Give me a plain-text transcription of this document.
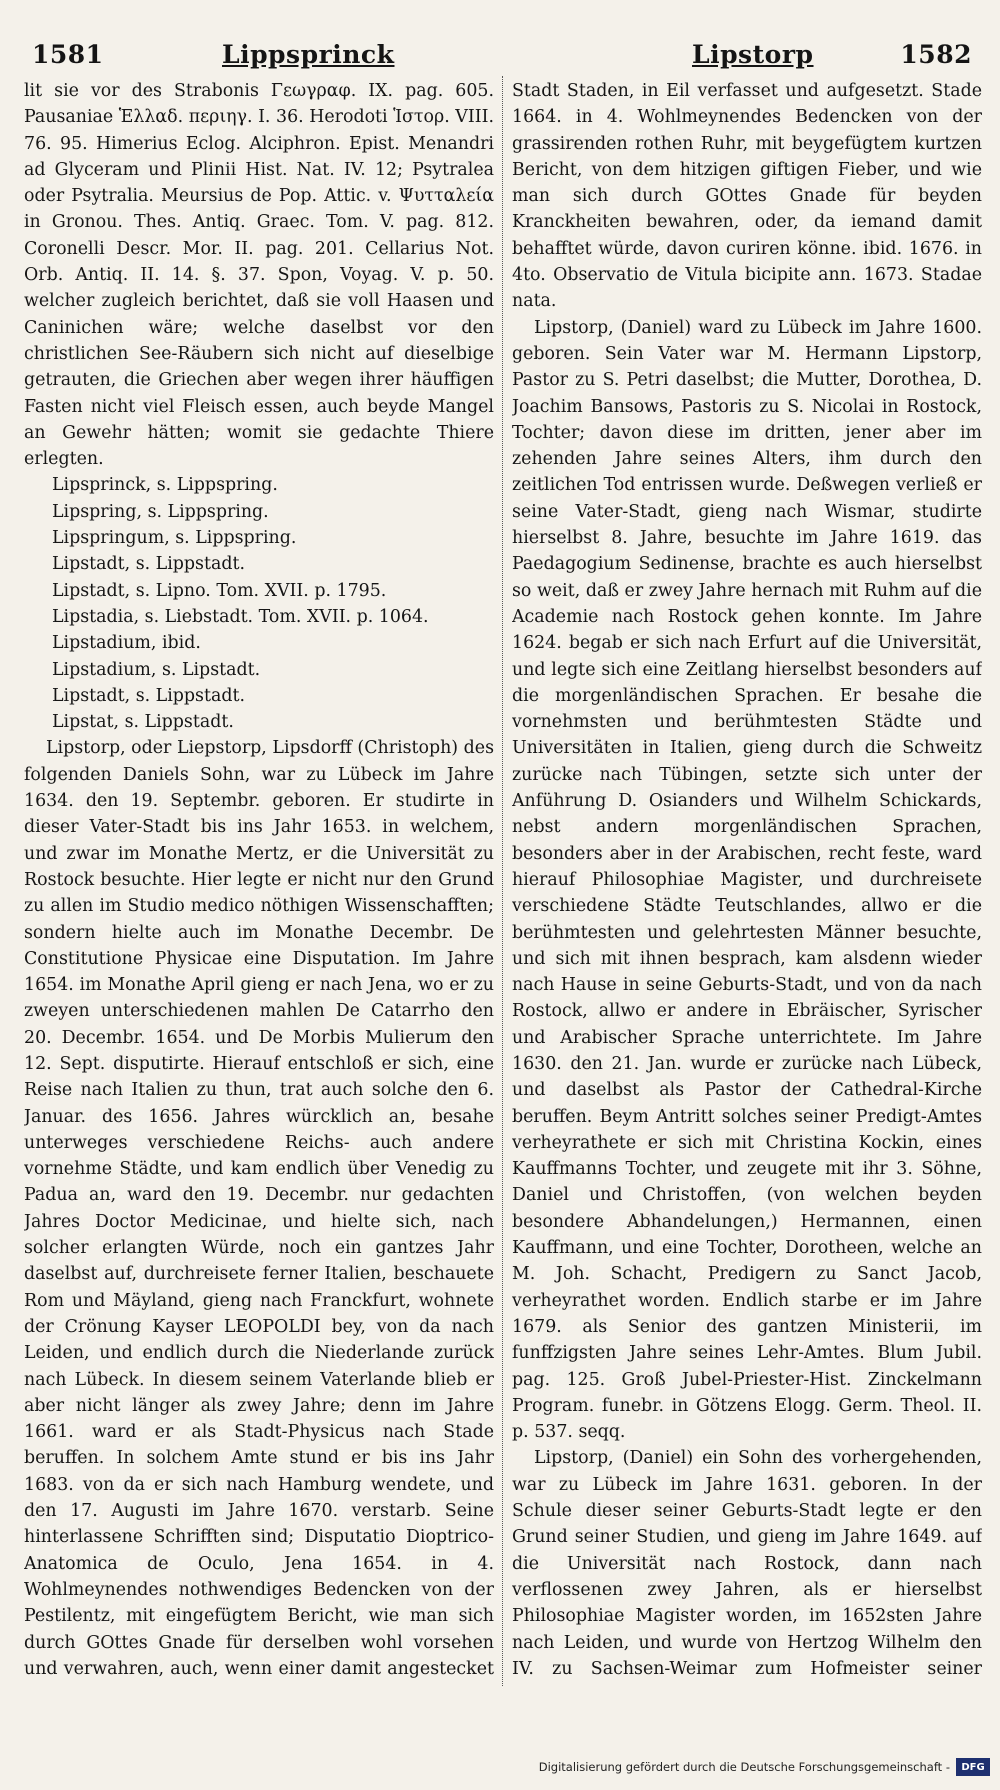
1581	Lippsprinck	Lipstorp	1582

lit sie vor des Strabonis Γεωγραφ. IX. pag. 605. Pausaniae Ἑλλαδ. περιηγ. I. 36. Herodoti Ἱστορ. VIII. 76. 95. Himerius Eclog. Alciphron. Epist. Menandri ad Glyceram und Plinii Hist. Nat. IV. 12; Psytralea oder Psytralia. Meursius de Pop. Attic. v. Ψυτταλεία in Gronou. Thes. Antiq. Graec. Tom. V. pag. 812. Coronelli Descr. Mor. II. pag. 201. Cellarius Not. Orb. Antiq. II. 14. §. 37. Spon, Voyag. V. p. 50. welcher zugleich berichtet, daß sie voll Haasen und Caninichen wäre; welche daselbst vor den christlichen See-Räubern sich nicht auf dieselbige getrauten, die Griechen aber wegen ihrer häuffigen Fasten nicht viel Fleisch essen, auch beyde Mangel an Gewehr hätten; womit sie gedachte Thiere erlegten.

Lipsprinck, s. Lippspring.

Lipspring, s. Lippspring.

Lipspringum, s. Lippspring.

Lipstadt, s. Lippstadt.

Lipstadt, s. Lipno. Tom. XVII. p. 1795.

Lipstadia, s. Liebstadt. Tom. XVII. p. 1064.

Lipstadium, ibid.

Lipstadium, s. Lipstadt.

Lipstadt, s. Lippstadt.

Lipstat, s. Lippstadt.

Lipstorp, oder Liepstorp, Lipsdorff (Christoph) des folgenden Daniels Sohn, war zu Lübeck im Jahre 1634. den 19. Septembr. geboren. Er studirte in dieser Vater-Stadt bis ins Jahr 1653. in welchem, und zwar im Monathe Mertz, er die Universität zu Rostock besuchte. Hier legte er nicht nur den Grund zu allen im Studio medico nöthigen Wissenschafften; sondern hielte auch im Monathe Decembr. De Constitutione Physicae eine Disputation. Im Jahre 1654. im Monathe April gieng er nach Jena, wo er zu zweyen unterschiedenen mahlen De Catarrho den 20. Decembr. 1654. und De Morbis Mulierum den 12. Sept. disputirte. Hierauf entschloß er sich, eine Reise nach Italien zu thun, trat auch solche den 6. Januar. des 1656. Jahres würcklich an, besahe unterweges verschiedene Reichs- auch andere vornehme Städte, und kam endlich über Venedig zu Padua an, ward den 19. Decembr. nur gedachten Jahres Doctor Medicinae, und hielte sich, nach solcher erlangten Würde, noch ein gantzes Jahr daselbst auf, durchreisete ferner Italien, beschauete Rom und Mäyland, gieng nach Franckfurt, wohnete der Crönung Kayser LEOPOLDI bey, von da nach Leiden, und endlich durch die Niederlande zurück nach Lübeck. In diesem seinem Vaterlande blieb er aber nicht länger als zwey Jahre; denn im Jahre 1661. ward er als Stadt-Physicus nach Stade beruffen. In solchem Amte stund er bis ins Jahr 1683. von da er sich nach Hamburg wendete, und den 17. Augusti im Jahre 1670. verstarb. Seine hinterlassene Schrifften sind; Disputatio Dioptrico-Anatomica de Oculo, Jena 1654. in 4. Wohlmeynendes nothwendiges Bedencken von der Pestilentz, mit eingefügtem Bericht, wie man sich durch GOttes Gnade für derselben wohl vorsehen und verwahren, auch, wenn einer damit angestecket

Stadt Staden, in Eil verfasset und aufgesetzt. Stade 1664. in 4. Wohlmeynendes Bedencken von der grassirenden rothen Ruhr, mit beygefügtem kurtzen Bericht, von dem hitzigen giftigen Fieber, und wie man sich durch GOttes Gnade für beyden Kranckheiten bewahren, oder, da iemand damit behafftet würde, davon curiren könne. ibid. 1676. in 4to. Observatio de Vitula bicipite ann. 1673. Stadae nata.

Lipstorp, (Daniel) ward zu Lübeck im Jahre 1600. geboren. Sein Vater war M. Hermann Lipstorp, Pastor zu S. Petri daselbst; die Mutter, Dorothea, D. Joachim Bansows, Pastoris zu S. Nicolai in Rostock, Tochter; davon diese im dritten, jener aber im zehenden Jahre seines Alters, ihm durch den zeitlichen Tod entrissen wurde. Deßwegen verließ er seine Vater-Stadt, gieng nach Wismar, studirte hierselbst 8. Jahre, besuchte im Jahre 1619. das Paedagogium Sedinense, brachte es auch hierselbst so weit, daß er zwey Jahre hernach mit Ruhm auf die Academie nach Rostock gehen konnte. Im Jahre 1624. begab er sich nach Erfurt auf die Universität, und legte sich eine Zeitlang hierselbst besonders auf die morgenländischen Sprachen. Er besahe die vornehmsten und berühmtesten Städte und Universitäten in Italien, gieng durch die Schweitz zurücke nach Tübingen, setzte sich unter der Anführung D. Osianders und Wilhelm Schickards, nebst andern morgenländischen Sprachen, besonders aber in der Arabischen, recht feste, ward hierauf Philosophiae Magister, und durchreisete verschiedene Städte Teutschlandes, allwo er die berühmtesten und gelehrtesten Männer besuchte, und sich mit ihnen besprach, kam alsdenn wieder nach Hause in seine Geburts-Stadt, und von da nach Rostock, allwo er andere in Ebräischer, Syrischer und Arabischer Sprache unterrichtete. Im Jahre 1630. den 21. Jan. wurde er zurücke nach Lübeck, und daselbst als Pastor der Cathedral-Kirche beruffen. Beym Antritt solches seiner Predigt-Amtes verheyrathete er sich mit Christina Kockin, eines Kauffmanns Tochter, und zeugete mit ihr 3. Söhne, Daniel und Christoffen, (von welchen beyden besondere Abhandelungen,) Hermannen, einen Kauffmann, und eine Tochter, Dorotheen, welche an M. Joh. Schacht, Predigern zu Sanct Jacob, verheyrathet worden. Endlich starbe er im Jahre 1679. als Senior des gantzen Ministerii, im funffzigsten Jahre seines Lehr-Amtes. Blum Jubil. pag. 125. Groß Jubel-Priester-Hist. Zinckelmann Program. funebr. in Götzens Elogg. Germ. Theol. II. p. 537. seqq.

Lipstorp, (Daniel) ein Sohn des vorhergehenden, war zu Lübeck im Jahre 1631. geboren. In der Schule dieser seiner Geburts-Stadt legte er den Grund seiner Studien, und gieng im Jahre 1649. auf die Universität nach Rostock, dann nach verflossenen zwey Jahren, als er hierselbst Philosophiae Magister worden, im 1652sten Jahre nach Leiden, und wurde von Hertzog Wilhelm den IV. zu Sachsen-Weimar zum Hofmeister seiner

Digitalisierung gefördert durch die Deutsche Forschungsgemeinschaft -	DFG
